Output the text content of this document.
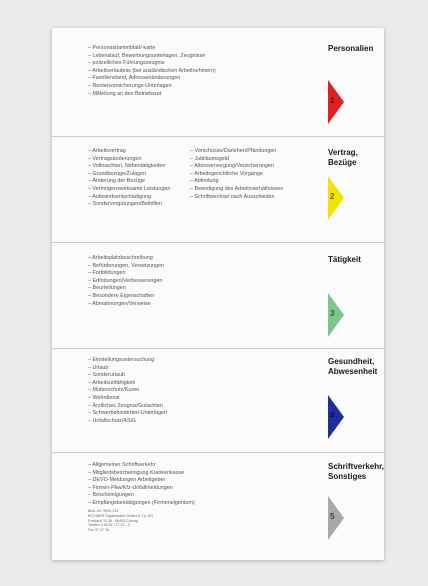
– Personalstammblatt/-karte
– Lebenslauf, Bewerbungsunterlagen, Zeugnisse
– polizeiliches Führungszeugnis
– Arbeitserlaubnis (bei ausländischen Arbeitnehmern)
– Familienstand, Adressenänderungen
– Rentenversicherungs-Unterlagen
– Mitteilung an den Betriebsrat
Personalien
1
– Arbeitsvertrag
– Vertragsänderungen
– Vollmachten, Nebentätigkeiten
– Grundbezüge/Zulagen
– Änderung der Bezüge
– Vermögenswirksame Leistungen
– Aufwandsentschädigung
– Sondervergütungen/Beihilfen
– Vorschüsse/Darlehen/Pfändungen
– Jubiläumsgeld
– Altersversorgung/Versicherungen
– Arbeitsgerichtliche Vorgänge
– Abfindung
– Beendigung des Arbeitsverhältnisses
– Schriftwechsel nach Ausscheiden
Vertrag,
Bezüge
2
– Arbeitsplatzbeschreibung
– Beförderungen, Versetzungen
– Fortbildungen
– Erfindungen/Verbesserungen
– Beurteilungen
– Besondere Eigenschaften
– Abmahnungen/Verweise
Tätigkeit
3
– Einstellungsuntersuchung
– Urlaub
– Sonderurlaub
– Arbeitsunfähigkeit
– Mutterschutz/Kuren
– Wehrdienst
– Ärztliches Zeugnis/Gutachten
– Schwerbehinderten-Unterlagen
– Unfallschutz/ASiG
Gesundheit,
Abwesenheit
4
– Allgemeiner Schriftverkehr
– Mitgliedsbescheinigung Krankenkasse
– DEVO-Meldungen Arbeitgeber
– Firmen-Pkw/Kfz-Unfallmeldungen
– Bescheinigungen
– Empfangsbestätigungen (Firmeneigentum)
Schriftverkehr,
Sonstiges
5
Best.-Nr. 9039-133
EICHNER Organisation GmbH & Co. KG
Postfach 10 36 · 96405 Coburg
Telefon 0 95 61 / 77 07 - 0
Fax 27 07 39
